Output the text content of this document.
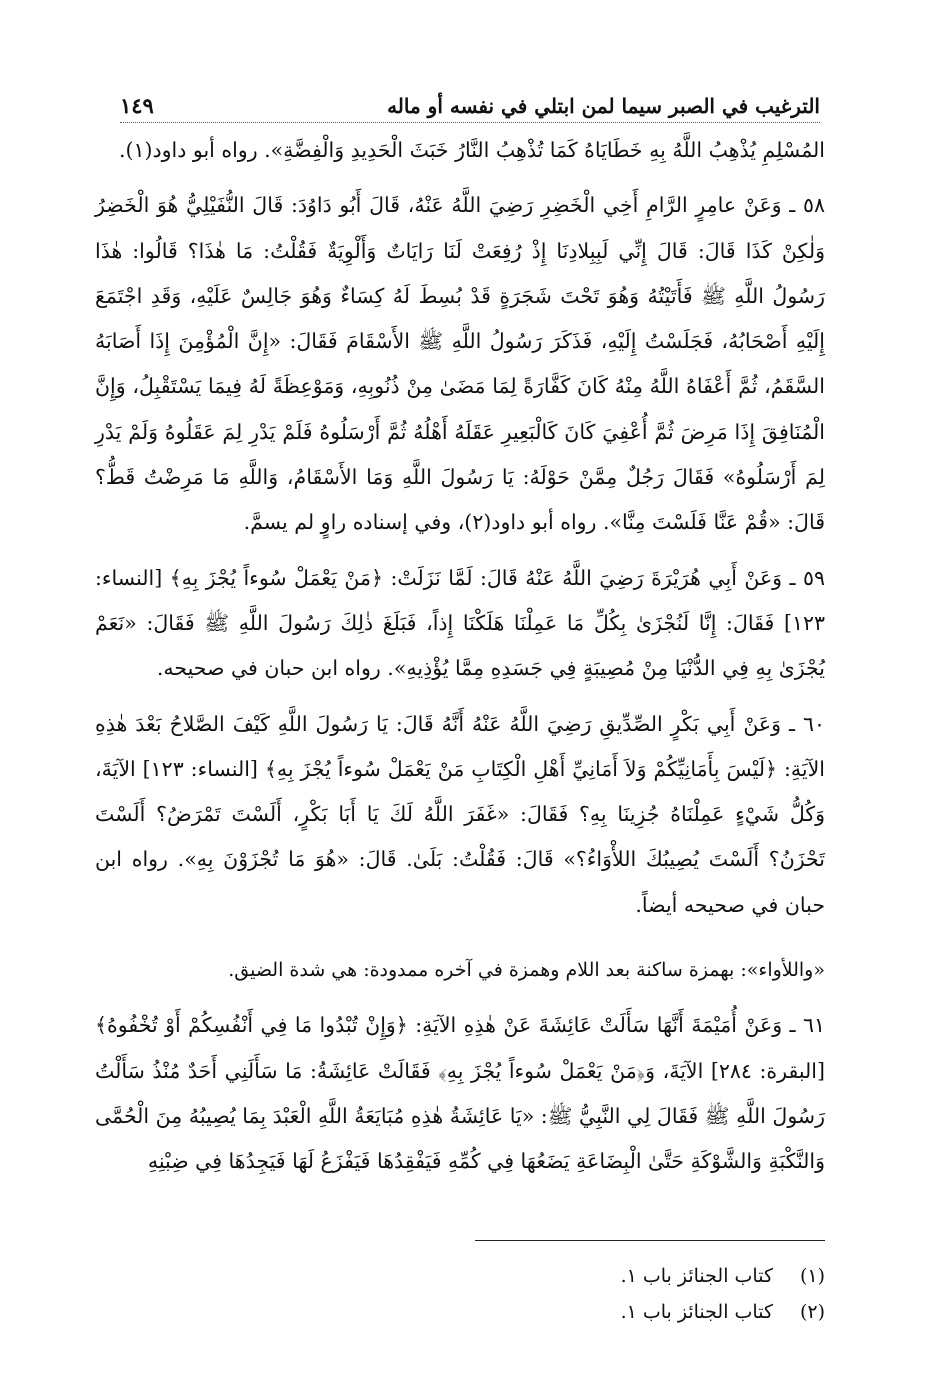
الترغيب في الصبر سيما لمن ابتلي في نفسه أو ماله
١٤٩

المُسْلِمِ يُذْهِبُ اللَّهُ بِهِ خَطَايَاهُ كَمَا تُذْهِبُ النَّارُ خَبَثَ الْحَدِيدِ وَالْفِضَّةِ». رواه أبو داود(١).

٥٨ ـ وَعَنْ عامِرٍ الرَّامِ أَخِي الْخَضِرِ رَضِيَ اللَّهُ عَنْهُ، قَالَ أَبُو دَاوُدَ: قَالَ النُّفَيْلِيُّ هُوَ الْخَضِرُ وَلٰكِنْ كَذَا قَالَ: قَالَ إِنِّي لَبِبِلادِنَا إِذْ رُفِعَتْ لَنَا رَايَاتٌ وَأَلْوِيَةٌ فَقُلْتُ: مَا هٰذَا؟ قَالُوا: هٰذَا رَسُولُ اللَّهِ ﷺ فَأَتَيْتُهُ وَهُوَ تَحْتَ شَجَرَةٍ قَدْ بُسِطَ لَهُ كِسَاءٌ وَهُوَ جَالِسٌ عَلَيْهِ، وَقَدِ اجْتَمَعَ إِلَيْهِ أَصْحَابُهُ، فَجَلَسْتُ إِلَيْهِ، فَذَكَرَ رَسُولُ اللَّهِ ﷺ الأَسْقَامَ فَقَالَ: «إِنَّ الْمُؤْمِنَ إِذَا أَصَابَهُ السَّقَمُ، ثُمَّ أَعْفَاهُ اللَّهُ مِنْهُ كَانَ كَفَّارَةً لِمَا مَضَىٰ مِنْ ذُنُوبِهِ، وَمَوْعِظَةً لَهُ فِيمَا يَسْتَقْبِلُ، وَإِنَّ الْمُنَافِقَ إِذَا مَرِضَ ثُمَّ أُعْفِيَ كَانَ كَالْبَعِيرِ عَقَلَهُ أَهْلُهُ ثُمَّ أَرْسَلُوهُ فَلَمْ يَدْرِ لِمَ عَقَلُوهُ وَلَمْ يَدْرِ لِمَ أَرْسَلُوهُ» فَقَالَ رَجُلٌ مِمَّنْ حَوْلَهُ: يَا رَسُولَ اللَّهِ وَمَا الأَسْقَامُ، وَاللَّهِ مَا مَرِضْتُ قَطُّ؟ قَالَ: «قُمْ عَنَّا فَلَسْتَ مِنَّا». رواه أبو داود(٢)، وفي إسناده راوٍ لم يسمَّ.

٥٩ ـ وَعَنْ أَبِي هُرَيْرَةَ رَضِيَ اللَّهُ عَنْهُ قَالَ: لَمَّا نَزَلَتْ: ﴿مَنْ يَعْمَلْ سُوءاً يُجْزَ بِهِ﴾ [النساء: ١٢٣] فَقَالَ: إِنَّا لَنُجْزَىٰ بِكُلِّ مَا عَمِلْنَا هَلَكْنَا إِذاً، فَبَلَغَ ذٰلِكَ رَسُولَ اللَّهِ ﷺ فَقَالَ: «نَعَمْ يُجْزَىٰ بِهِ فِي الدُّنْيَا مِنْ مُصِيبَةٍ فِي جَسَدِهِ مِمَّا يُؤْذِيهِ». رواه ابن حبان في صحيحه.

٦٠ ـ وَعَنْ أَبِي بَكْرٍ الصِّدِّيقِ رَضِيَ اللَّهُ عَنْهُ أَنَّهُ قَالَ: يَا رَسُولَ اللَّهِ كَيْفَ الصَّلاحُ بَعْدَ هٰذِهِ الآيَةِ: ﴿لَيْسَ بِأَمَانِيِّكُمْ وَلاَ أَمَانِيِّ أَهْلِ الْكِتَابِ مَنْ يَعْمَلْ سُوءاً يُجْزَ بِهِ﴾ [النساء: ١٢٣] الآيَةَ، وَكُلُّ شَيْءٍ عَمِلْنَاهُ جُزِينَا بِهِ؟ فَقَالَ: «غَفَرَ اللَّهُ لَكَ يَا أَبَا بَكْرٍ، أَلَسْتَ تَمْرَضُ؟ أَلَسْتَ تَحْزَنُ؟ أَلَسْتَ يُصِيبُكَ اللأْوَاءُ؟» قَالَ: فَقُلْتُ: بَلَىٰ. قَالَ: «هُوَ مَا تُجْزَوْنَ بِهِ». رواه ابن حبان في صحيحه أيضاً.

«واللأواء»: بهمزة ساكنة بعد اللام وهمزة في آخره ممدودة: هي شدة الضيق.

٦١ ـ وَعَنْ أُمَيْمَةَ أَنَّهَا سَأَلَتْ عَائِشَةَ عَنْ هٰذِهِ الآيَةِ: ﴿وَإِنْ تُبْدُوا مَا فِي أَنْفُسِكُمْ أَوْ تُخْفُوهُ﴾ [البقرة: ٢٨٤] الآيَةَ، وَ﴿مَنْ يَعْمَلْ سُوءاً يُجْزَ بِهِ﴾ فَقَالَتْ عَائِشَةُ: مَا سَأَلَنِي أَحَدٌ مُنْذُ سَأَلْتُ رَسُولَ اللَّهِ ﷺ فَقَالَ لِي النَّبِيُّ ﷺ: «يَا عَائِشَةُ هٰذِهِ مُبَايَعَةُ اللَّهِ الْعَبْدَ بِمَا يُصِيبُهُ مِنَ الْحُمَّى وَالنَّكْبَةِ وَالشَّوْكَةِ حَتَّىٰ الْبِضَاعَةِ يَضَعُهَا فِي كُمِّهِ فَيَفْقِدُهَا فَيَفْزَعُ لَهَا فَيَجِدُهَا فِي ضِبْنِهِ

(١)
كتاب الجنائز باب ١.
(٢)
كتاب الجنائز باب ١.
